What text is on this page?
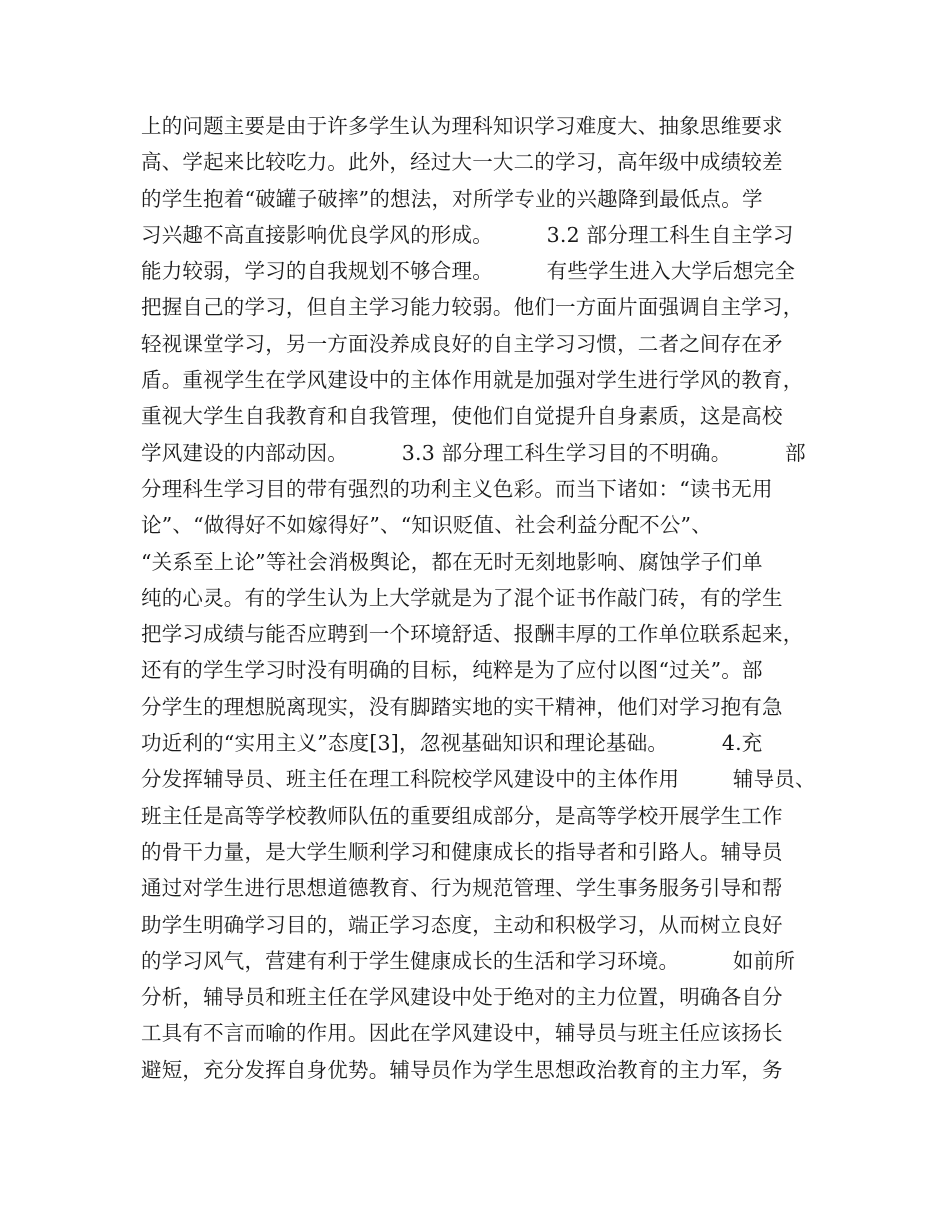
上的问题主要是由于许多学生认为理科知识学习难度大、抽象思维要求
高、学起来比较吃力。此外，经过大一大二的学习，高年级中成绩较差
的学生抱着“破罐子破摔”的想法，对所学专业的兴趣降到最低点。学
习兴趣不高直接影响优良学风的形成。        3.2 部分理工科生自主学习
能力较弱，学习的自我规划不够合理。        有些学生进入大学后想完全
把握自己的学习，但自主学习能力较弱。他们一方面片面强调自主学习，
轻视课堂学习，另一方面没养成良好的自主学习习惯，二者之间存在矛
盾。重视学生在学风建设中的主体作用就是加强对学生进行学风的教育，
重视大学生自我教育和自我管理，使他们自觉提升自身素质，这是高校
学风建设的内部动因。        3.3 部分理工科生学习目的不明确。        部
分理科生学习目的带有强烈的功利主义色彩。而当下诸如：“读书无用
论”、“做得好不如嫁得好”、“知识贬值、社会利益分配不公”、
“关系至上论”等社会消极舆论，都在无时无刻地影响、腐蚀学子们单
纯的心灵。有的学生认为上大学就是为了混个证书作敲门砖，有的学生
把学习成绩与能否应聘到一个环境舒适、报酬丰厚的工作单位联系起来，
还有的学生学习时没有明确的目标，纯粹是为了应付以图“过关”。部
分学生的理想脱离现实，没有脚踏实地的实干精神，他们对学习抱有急
功近利的“实用主义”态度[3]，忽视基础知识和理论基础。        4.充
分发挥辅导员、班主任在理工科院校学风建设中的主体作用        辅导员、
班主任是高等学校教师队伍的重要组成部分，是高等学校开展学生工作
的骨干力量，是大学生顺利学习和健康成长的指导者和引路人。辅导员
通过对学生进行思想道德教育、行为规范管理、学生事务服务引导和帮
助学生明确学习目的，端正学习态度，主动和积极学习，从而树立良好
的学习风气，营建有利于学生健康成长的生活和学习环境。        如前所
分析，辅导员和班主任在学风建设中处于绝对的主力位置，明确各自分
工具有不言而喻的作用。因此在学风建设中，辅导员与班主任应该扬长
避短，充分发挥自身优势。辅导员作为学生思想政治教育的主力军，务
